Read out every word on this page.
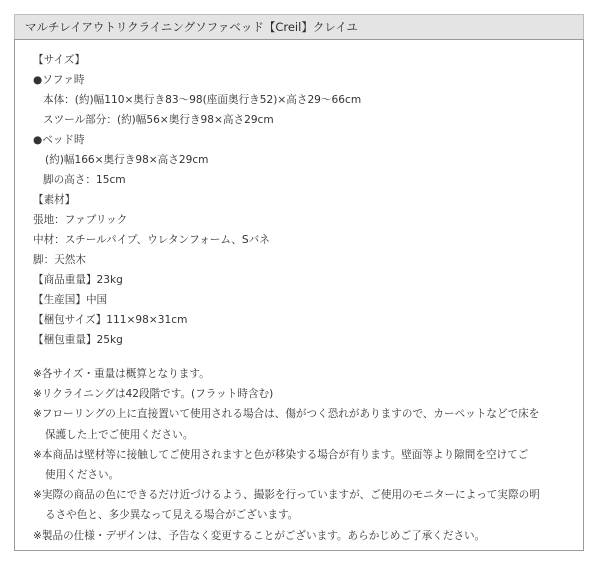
マルチレイアウトリクライニングソファベッド【Creil】クレイユ
【サイズ】
●ソファ時
本体：(約)幅110×奥行き83～98(座面奥行き52)×高さ29～66cm
スツール部分：(約)幅56×奥行き98×高さ29cm
●ベッド時
(約)幅166×奥行き98×高さ29cm
脚の高さ：15cm
【素材】
張地：ファブリック
中材：スチールパイプ、ウレタンフォーム、Sバネ
脚：天然木
【商品重量】23kg
【生産国】中国
【梱包サイズ】111×98×31cm
【梱包重量】25kg
※各サイズ・重量は概算となります。
※リクライニングは42段階です。(フラット時含む)
※フローリングの上に直接置いて使用される場合は、傷がつく恐れがありますので、カーペットなどで床を
保護した上でご使用ください。
※本商品は壁材等に接触してご使用されますと色が移染する場合が有ります。壁面等より隙間を空けてご
使用ください。
※実際の商品の色にできるだけ近づけるよう、撮影を行っていますが、ご使用のモニターによって実際の明
るさや色と、多少異なって見える場合がございます。
※製品の仕様・デザインは、予告なく変更することがございます。あらかじめご了承ください。
